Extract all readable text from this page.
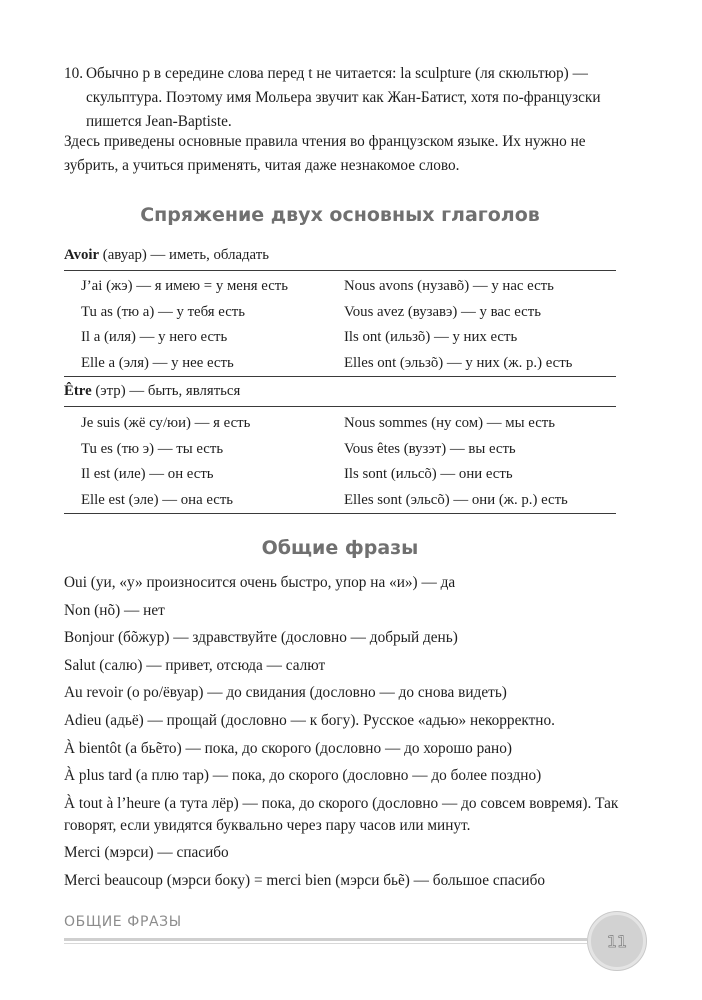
10. Обычно p в середине слова перед t не читается: la sculpture (ля скюльтюр) — скульптура. Поэтому имя Мольера звучит как Жан-Батист, хотя по-французски пишется Jean-Baptiste.
Здесь приведены основные правила чтения во французском языке. Их нужно не зубрить, а учиться применять, читая даже незнакомое слово.
Спряжение двух основных глаголов
Avoir (авуар) — иметь, обладать
J’ai (жэ) — я имею = у меня есть	Nous avons (нузавõ) — у нас есть
Tu as (тю а) — у тебя есть	Vous avez (вузавэ) — у вас есть
Il a (иля) — у него есть	Ils ont (ильзõ) — у них есть
Elle a (эля) — у нее есть	Elles ont (эльзõ) — у них (ж. р.) есть
Être (этр) — быть, являться
Je suis (жё су/юи) — я есть	Nous sommes (ну сом) — мы есть
Tu es (тю э) — ты есть	Vous êtes (вузэт) — вы есть
Il est (иле) — он есть	Ils sont (ильсõ) — они есть
Elle est (эле) — она есть	Elles sont (эльсõ) — они (ж. р.) есть
Общие фразы
Oui (уи, «у» произносится очень быстро, упор на «и») — да
Non (нõ) — нет
Bonjour (бõжур) — здравствуйте (дословно — добрый день)
Salut (салю) — привет, отсюда — салют
Au revoir (о ро/ёвуар) — до свидания (дословно — до снова видеть)
Adieu (адьё) — прощай (дословно — к богу). Русское «адью» некорректно.
À bientôt (а бьẽто) — пока, до скорого (дословно — до хорошо рано)
À plus tard (а плю тар) — пока, до скорого (дословно — до более поздно)
À tout à l’heure (а тута лёр) — пока, до скорого (дословно — до совсем вовремя). Так говорят, если увидятся буквально через пару часов или минут.
Merci (мэрси) — спасибо
Merci beaucoup (мэрси боку) = merci bien (мэрси бьẽ) — большое спасибо
ОБЩИЕ ФРАЗЫ
11
